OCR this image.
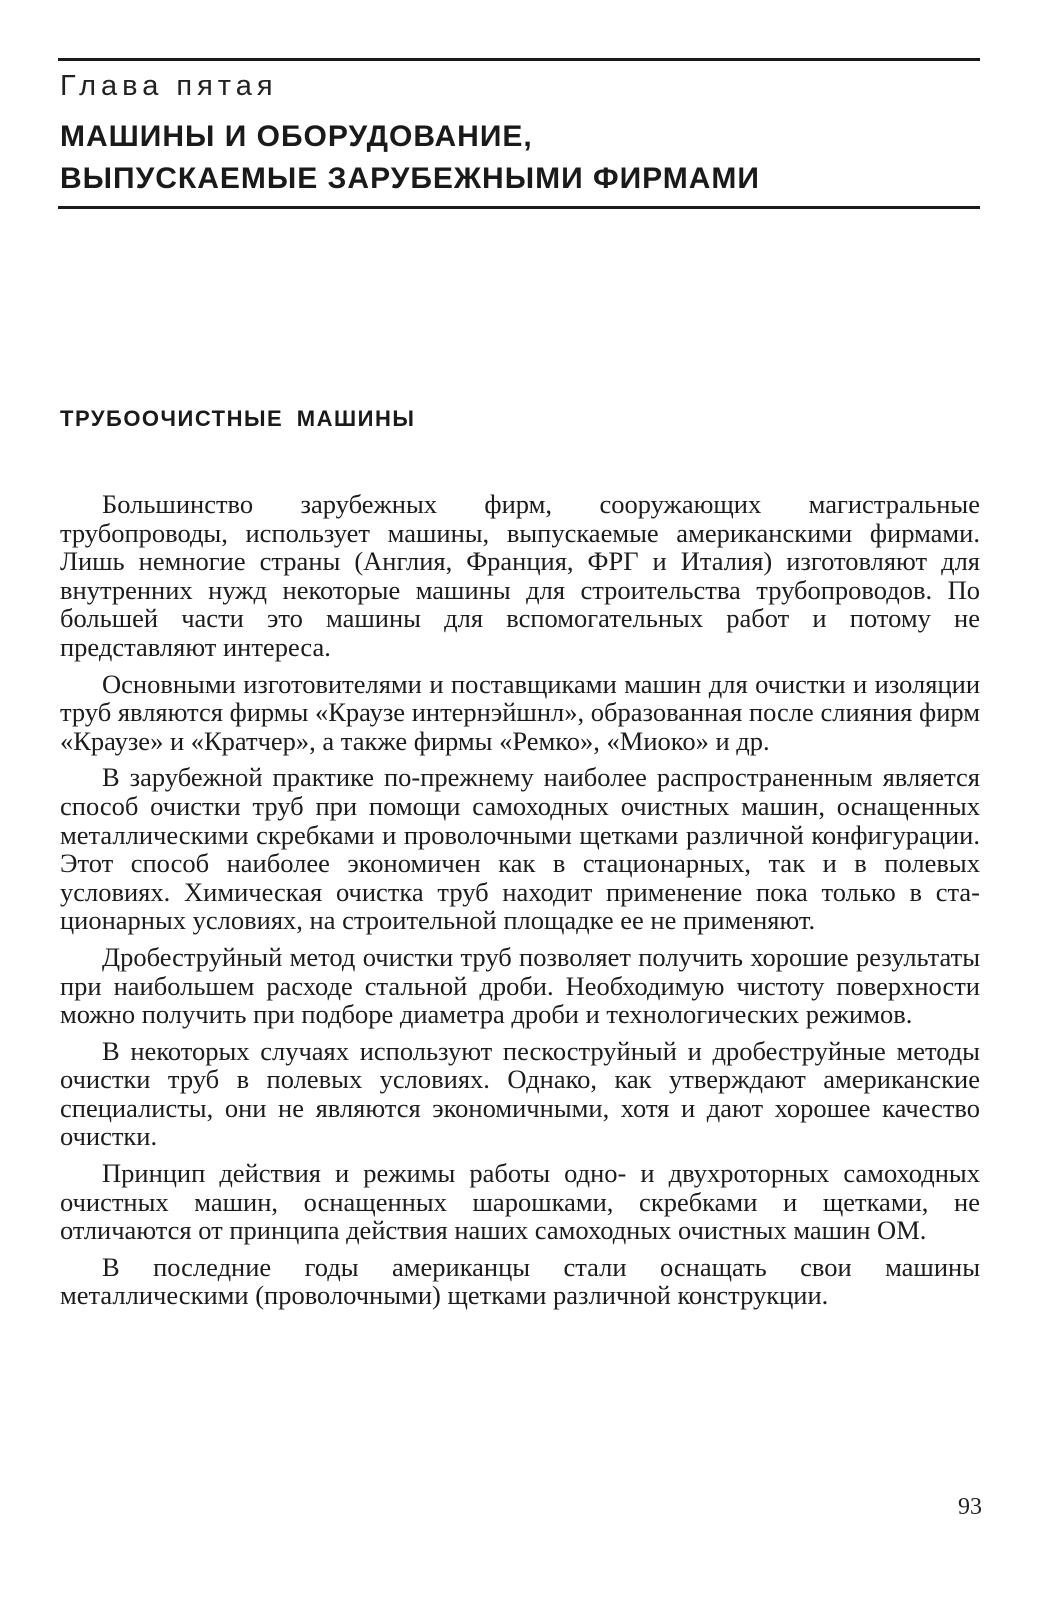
Глава пятая
МАШИНЫ И ОБОРУДОВАНИЕ,
ВЫПУСКАЕМЫЕ ЗАРУБЕЖНЫМИ ФИРМАМИ
ТРУБООЧИСТНЫЕ МАШИНЫ

Большинство зарубежных фирм, сооружающих магистральные трубопроводы, использует машины, выпускаемые американскими фирмами. Лишь немногие страны (Англия, Франция, ФРГ и Италия) изготовляют для внутренних нужд некоторые машины для строительства трубопроводов. По большей части это машины для вспомогательных работ и потому не представляют интереса.

Основными изготовителями и поставщиками машин для очистки и изоляции труб являются фирмы «Краузе интернэйшнл», образованная после слияния фирм «Краузе» и «Кратчер», а также фирмы «Ремко», «Миоко» и др.

В зарубежной практике по-прежнему наиболее распространенным является способ очистки труб при помощи самоходных очистных машин, оснащенных металлическими скребками и проволочными щетками различной конфигурации. Этот способ наиболее экономичен как в стационарных, так и в полевых условиях. Химическая очистка труб находит применение пока только в стационарных условиях, на строительной площадке ее не применяют.

Дробеструйный метод очистки труб позволяет получить хорошие результаты при наибольшем расходе стальной дроби. Необходимую чистоту поверхности можно получить при подборе диаметра дроби и технологических режимов.

В некоторых случаях используют пескоструйный и дробеструйные методы очистки труб в полевых условиях. Однако, как утверждают американские специалисты, они не являются экономичными, хотя и дают хорошее качество очистки.

Принцип действия и режимы работы одно- и двухроторных самоходных очистных машин, оснащенных шарошками, скребками и щетками, не отличаются от принципа действия наших самоходных очистных машин ОМ.

В последние годы американцы стали оснащать свои машины металлическими (проволочными) щетками различной конструкции.

93
